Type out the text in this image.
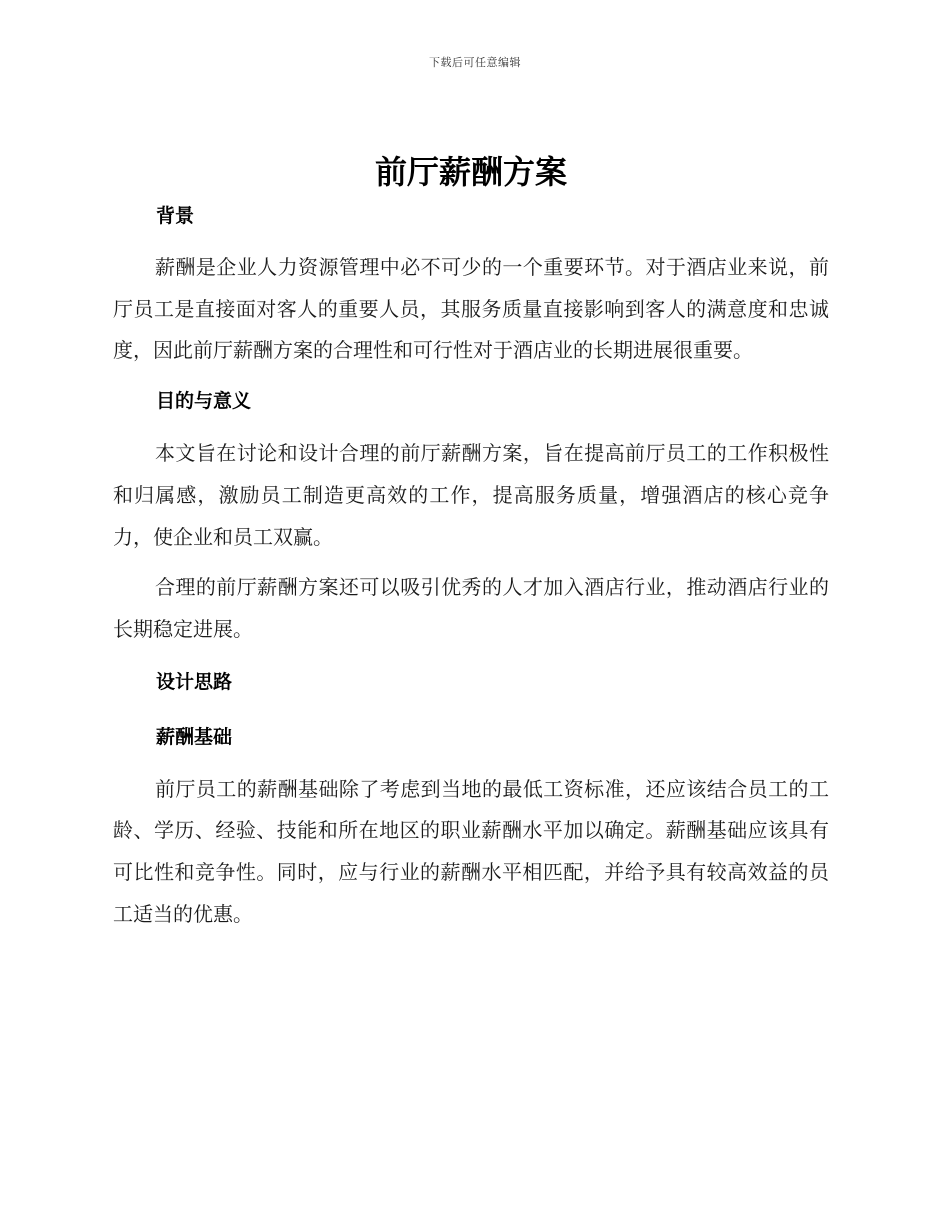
下载后可任意编辑
前厅薪酬方案
背景

薪酬是企业人力资源管理中必不可少的一个重要环节。对于酒店业来说，前厅员工是直接面对客人的重要人员，其服务质量直接影响到客人的满意度和忠诚度，因此前厅薪酬方案的合理性和可行性对于酒店业的长期进展很重要。

目的与意义

本文旨在讨论和设计合理的前厅薪酬方案，旨在提高前厅员工的工作积极性和归属感，激励员工制造更高效的工作，提高服务质量，增强酒店的核心竞争力，使企业和员工双赢。

合理的前厅薪酬方案还可以吸引优秀的人才加入酒店行业，推动酒店行业的长期稳定进展。

设计思路
薪酬基础

前厅员工的薪酬基础除了考虑到当地的最低工资标准，还应该结合员工的工龄、学历、经验、技能和所在地区的职业薪酬水平加以确定。薪酬基础应该具有可比性和竞争性。同时，应与行业的薪酬水平相匹配，并给予具有较高效益的员工适当的优惠。
